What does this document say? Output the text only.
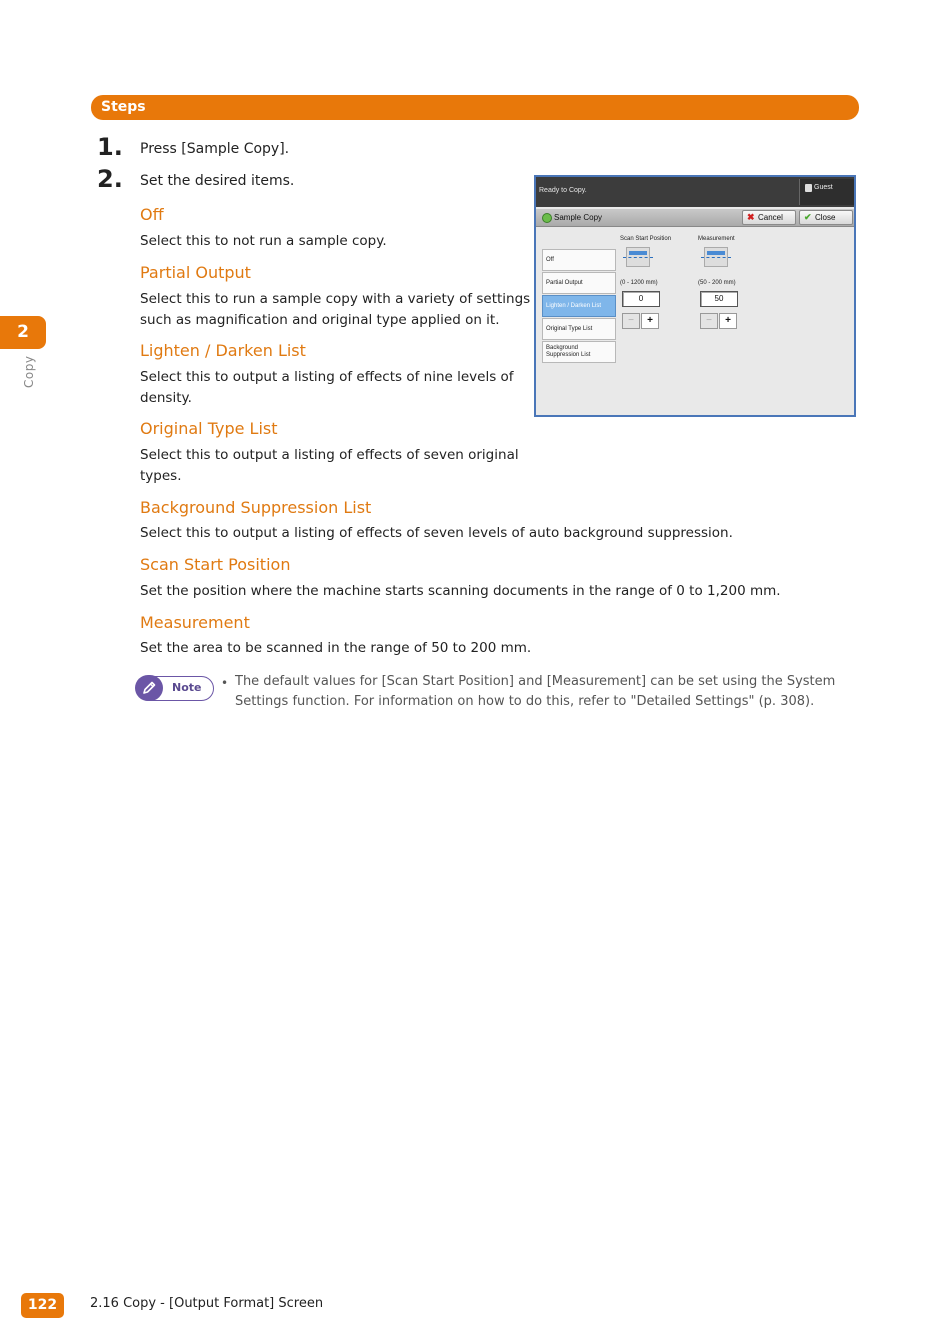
Steps
2
Copy
1. Press [Sample Copy].
2. Set the desired items.
Off
Select this to not run a sample copy.
Partial Output
Select this to run a sample copy with a variety of settings
such as magnification and original type applied on it.
Lighten / Darken List
Select this to output a listing of effects of nine levels of
density.
Original Type List
Select this to output a listing of effects of seven original
types.
Background Suppression List
Select this to output a listing of effects of seven levels of auto background suppression.
Scan Start Position
Set the position where the machine starts scanning documents in the range of 0 to 1,200 mm.
Measurement
Set the area to be scanned in the range of 50 to 200 mm.
Note • The default values for [Scan Start Position] and [Measurement] can be set using the System Settings function. For information on how to do this, refer to "Detailed Settings" (p. 308).
Ready to Copy.	Guest
Sample Copy	✖ Cancel ✔ Close
Off
Partial Output
Lighten / Darken List
Original Type List
Background Suppression List
Scan Start Position
(0 - 1200 mm)
0
−	+
Measurement
(50 - 200 mm)
50
−	+
122	2.16 Copy - [Output Format] Screen
